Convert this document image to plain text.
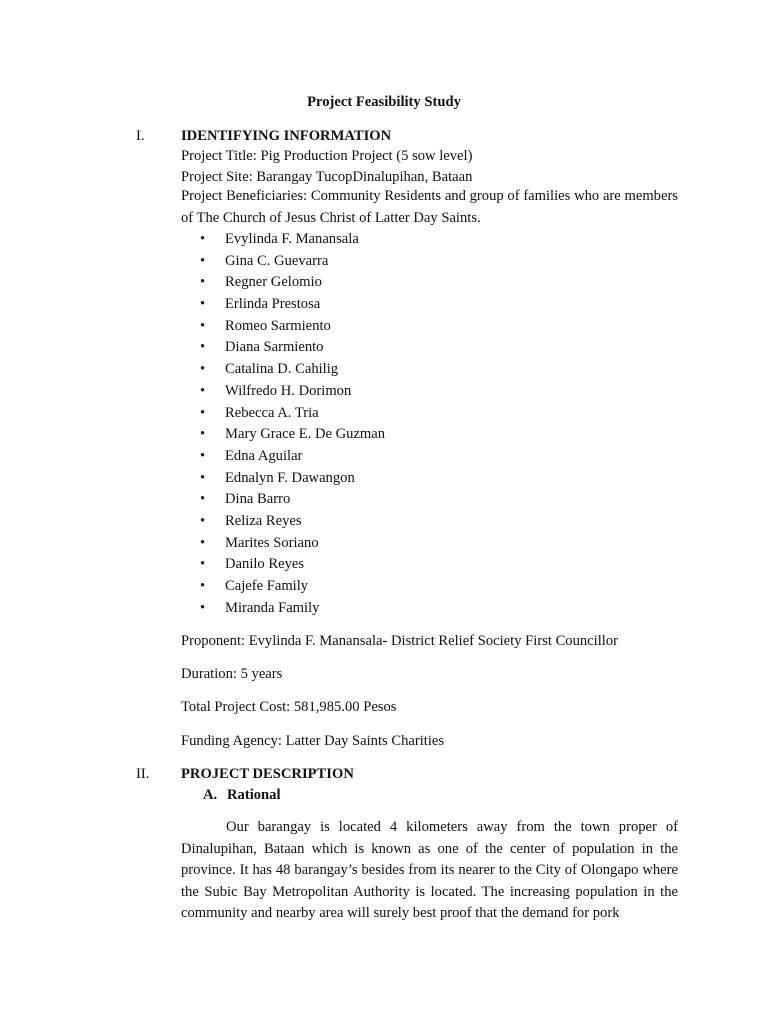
Project Feasibility Study
I. IDENTIFYING INFORMATION
Project Title: Pig Production Project (5 sow level)
Project Site: Barangay TucopDinalupihan, Bataan
Project Beneficiaries: Community Residents and group of families who are members of The Church of Jesus Christ of Latter Day Saints.
• Evylinda F. Manansala
• Gina C. Guevarra
• Regner Gelomio
• Erlinda Prestosa
• Romeo Sarmiento
• Diana Sarmiento
• Catalina D. Cahilig
• Wilfredo H. Dorimon
• Rebecca A. Tria
• Mary Grace E. De Guzman
• Edna Aguilar
• Ednalyn F. Dawangon
• Dina Barro
• Reliza Reyes
• Marites Soriano
• Danilo Reyes
• Cajefe Family
• Miranda Family
Proponent: Evylinda F. Manansala- District Relief Society First Councillor
Duration: 5 years
Total Project Cost: 581,985.00 Pesos
Funding Agency: Latter Day Saints Charities
II. PROJECT DESCRIPTION
A. Rational
Our barangay is located 4 kilometers away from the town proper of Dinalupihan, Bataan which is known as one of the center of population in the province. It has 48 barangay’s besides from its nearer to the City of Olongapo where the Subic Bay Metropolitan Authority is located. The increasing population in the community and nearby area will surely best proof that the demand for pork
